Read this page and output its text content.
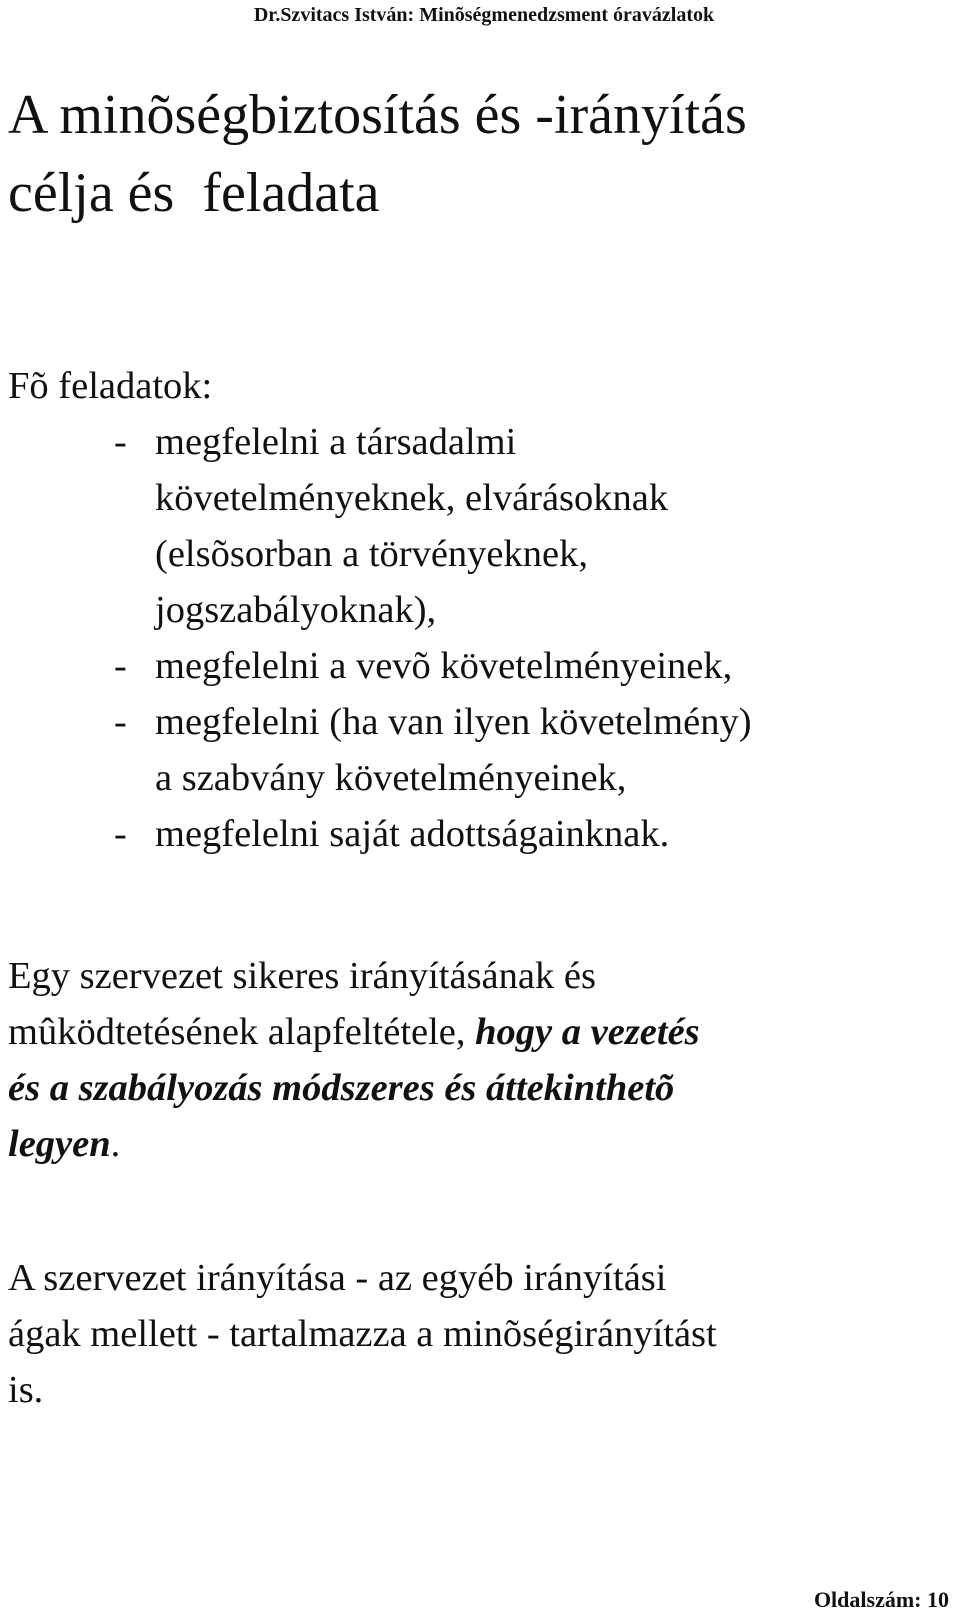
Dr.Szvitacs István: Minõségmenedzsment óravázlatok
A minõségbiztosítás és -irányítás
célja és  feladata
Fõ feladatok:
- megfelelni a társadalmi
követelményeknek, elvárásoknak
(elsõsorban a törvényeknek,
jogszabályoknak),
- megfelelni a vevõ követelményeinek,
- megfelelni (ha van ilyen követelmény)
a szabvány követelményeinek,
- megfelelni saját adottságainknak.

Egy szervezet sikeres irányításának és
mûködtetésének alapfeltétele, hogy a vezetés
és a szabályozás módszeres és áttekinthetõ
legyen.

A szervezet irányítása - az egyéb irányítási
ágak mellett - tartalmazza a minõségirányítást
is.

Oldalszám: 10
